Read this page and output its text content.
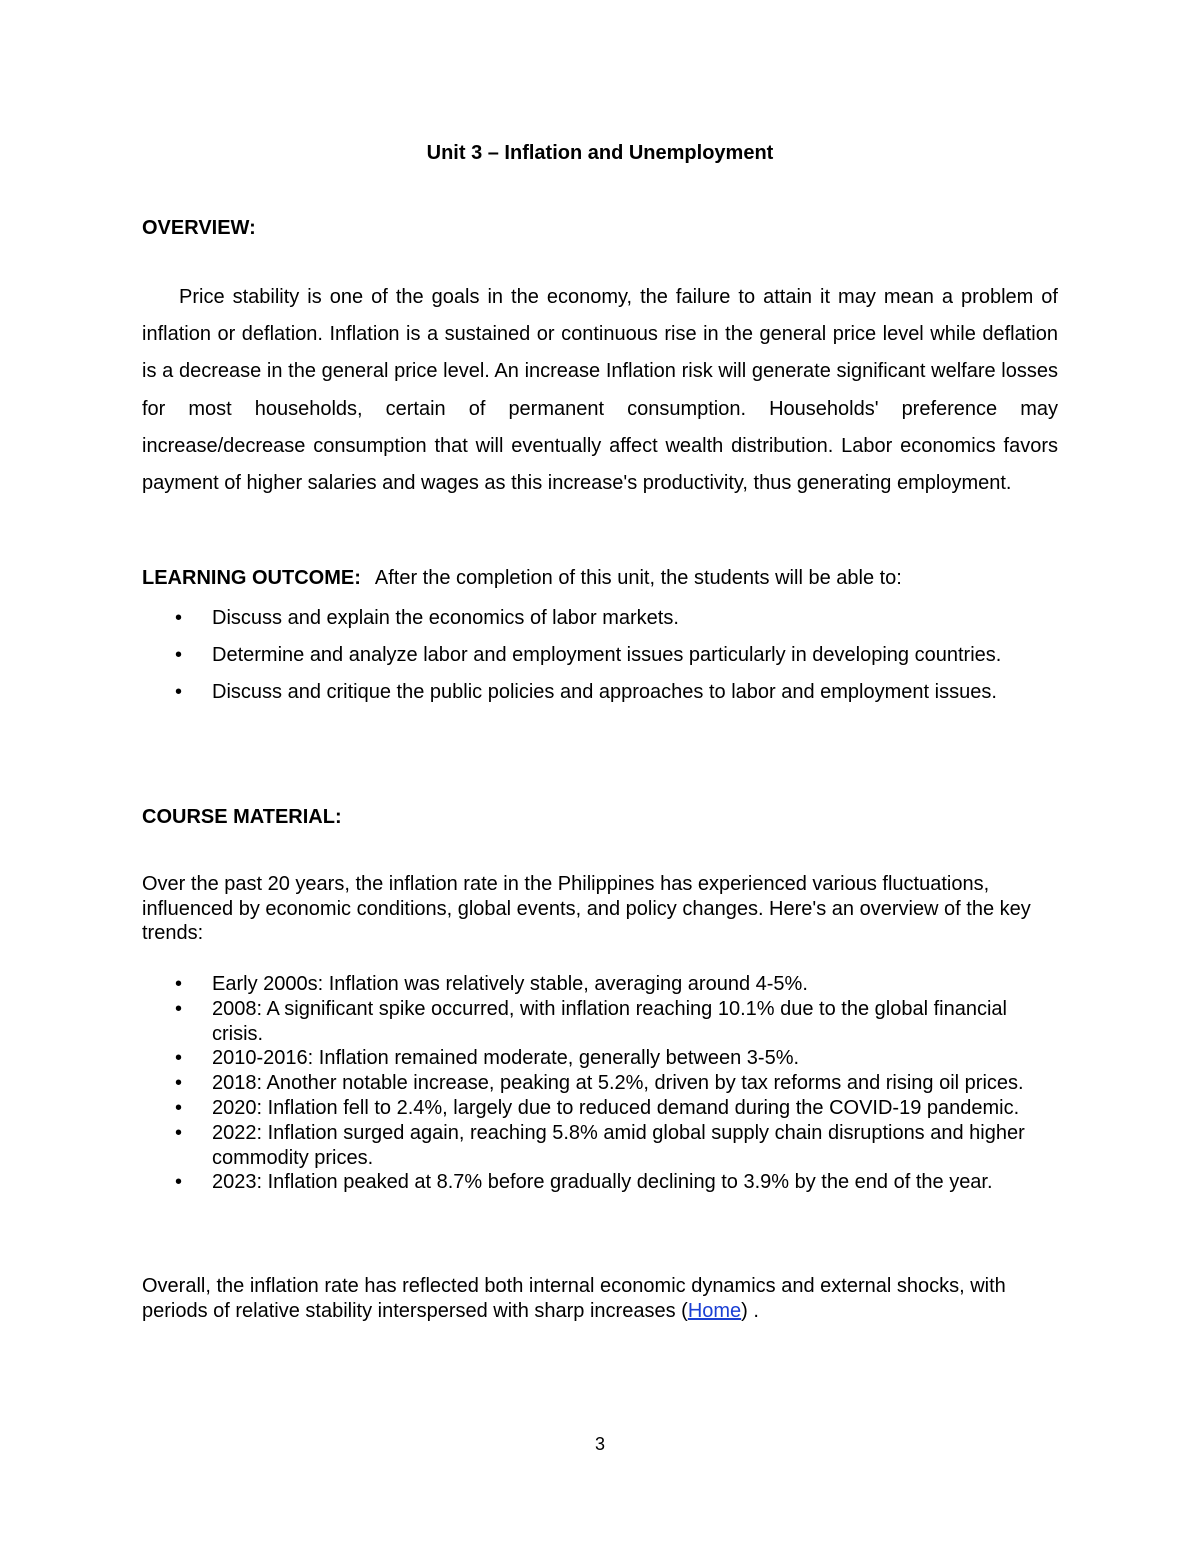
Unit 3 – Inflation and Unemployment
OVERVIEW:

Price stability is one of the goals in the economy, the failure to attain it may mean a problem of inflation or deflation. Inflation is a sustained or continuous rise in the general price level while deflation is a decrease in the general price level. An increase Inflation risk will generate significant welfare losses for most households, certain of permanent consumption. Households' preference may increase/decrease consumption that will eventually affect wealth distribution. Labor economics favors payment of higher salaries and wages as this increase's productivity, thus generating employment.

LEARNING OUTCOME: After the completion of this unit, the students will be able to:
• Discuss and explain the economics of labor markets.
• Determine and analyze labor and employment issues particularly in developing countries.
• Discuss and critique the public policies and approaches to labor and employment issues.
COURSE MATERIAL:

Over the past 20 years, the inflation rate in the Philippines has experienced various fluctuations, influenced by economic conditions, global events, and policy changes. Here's an overview of the key trends:

• Early 2000s: Inflation was relatively stable, averaging around 4-5%.
• 2008: A significant spike occurred, with inflation reaching 10.1% due to the global financial crisis.
• 2010-2016: Inflation remained moderate, generally between 3-5%.
• 2018: Another notable increase, peaking at 5.2%, driven by tax reforms and rising oil prices.
• 2020: Inflation fell to 2.4%, largely due to reduced demand during the COVID-19 pandemic.
• 2022: Inflation surged again, reaching 5.8% amid global supply chain disruptions and higher commodity prices.
• 2023: Inflation peaked at 8.7% before gradually declining to 3.9% by the end of the year.

Overall, the inflation rate has reflected both internal economic dynamics and external shocks, with periods of relative stability interspersed with sharp increases (Home) .

3
